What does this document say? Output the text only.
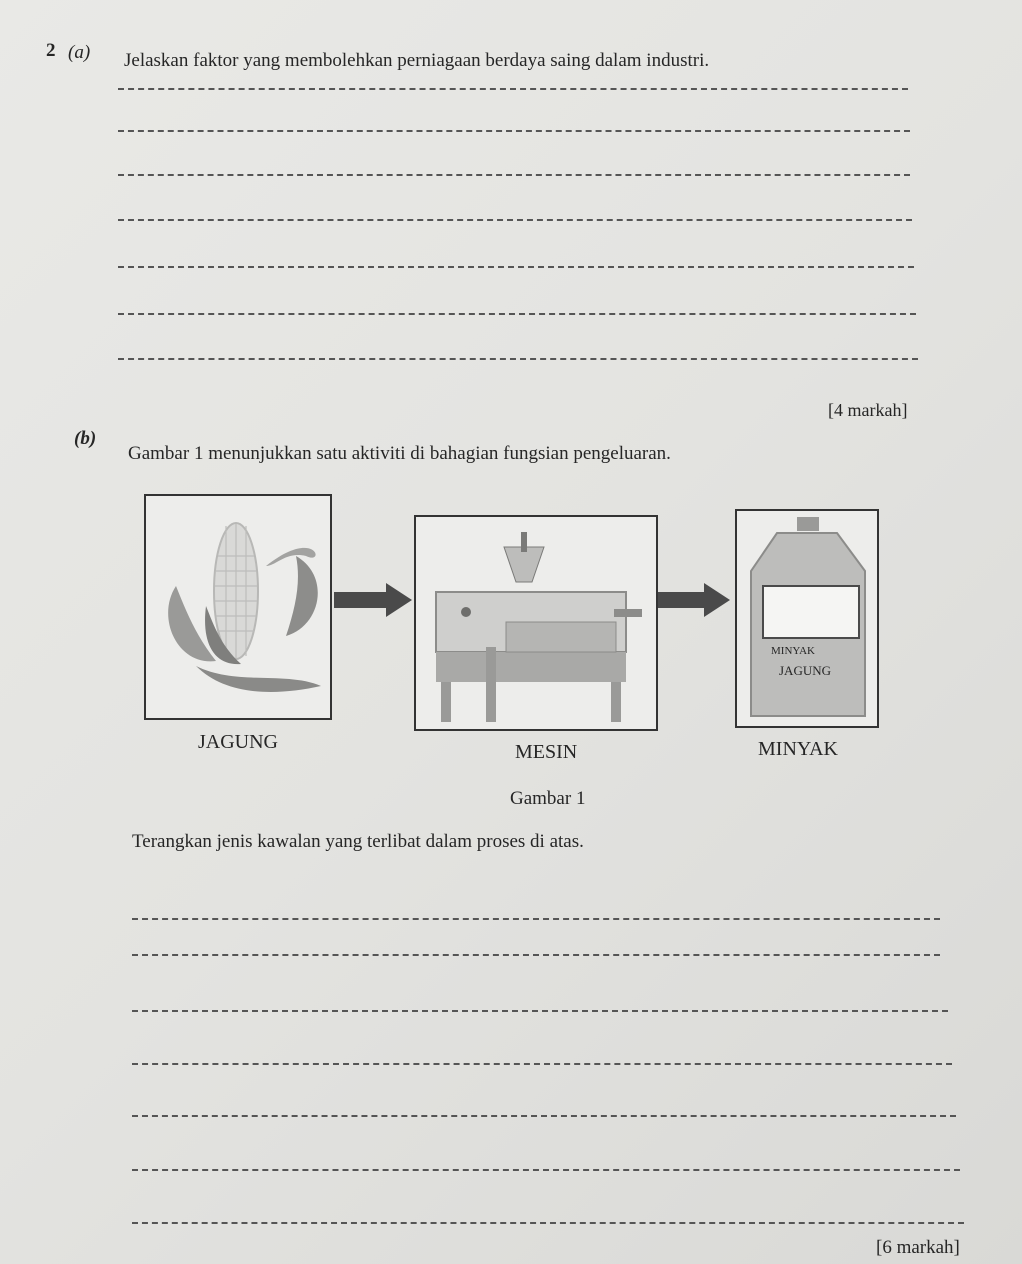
2 (a) Jelaskan faktor yang membolehkan perniagaan berdaya saing dalam industri.
[4 markah]
(b)
Gambar 1 menunjukkan satu aktiviti di bahagian fungsian pengeluaran.
JAGUNG	MESIN
MINYAK
JAGUNG
MINYAK
Gambar 1
Terangkan jenis kawalan yang terlibat dalam proses di atas.
[6 markah]
